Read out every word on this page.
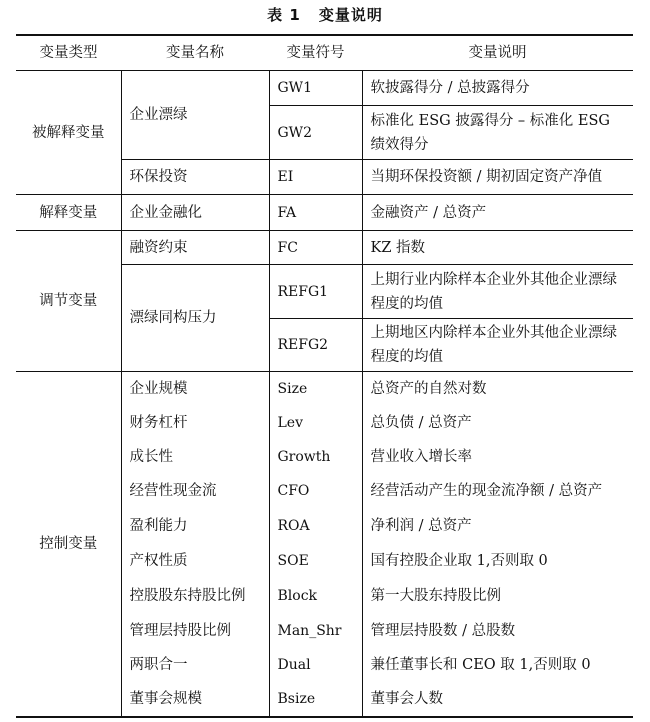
表 1 变量说明
变量类型	变量名称	变量符号	变量说明
被解释变量	企业漂绿	GW1	软披露得分 / 总披露得分
		GW2	标准化 ESG 披露得分 – 标准化 ESG 绩效得分
	环保投资	EI	当期环保投资额 / 期初固定资产净值
解释变量	企业金融化	FA	金融资产 / 总资产
调节变量	融资约束	FC	KZ 指数
	漂绿同构压力	REFG1	上期行业内除样本企业外其他企业漂绿程度的均值
		REFG2	上期地区内除样本企业外其他企业漂绿程度的均值
控制变量	企业规模	Size	总资产的自然对数
	财务杠杆	Lev	总负债 / 总资产
	成长性	Growth	营业收入增长率
	经营性现金流	CFO	经营活动产生的现金流净额 / 总资产
	盈利能力	ROA	净利润 / 总资产
	产权性质	SOE	国有控股企业取 1,否则取 0
	控股股东持股比例	Block	第一大股东持股比例
	管理层持股比例	Man_Shr	管理层持股数 / 总股数
	两职合一	Dual	兼任董事长和 CEO 取 1,否则取 0
	董事会规模	Bsize	董事会人数
